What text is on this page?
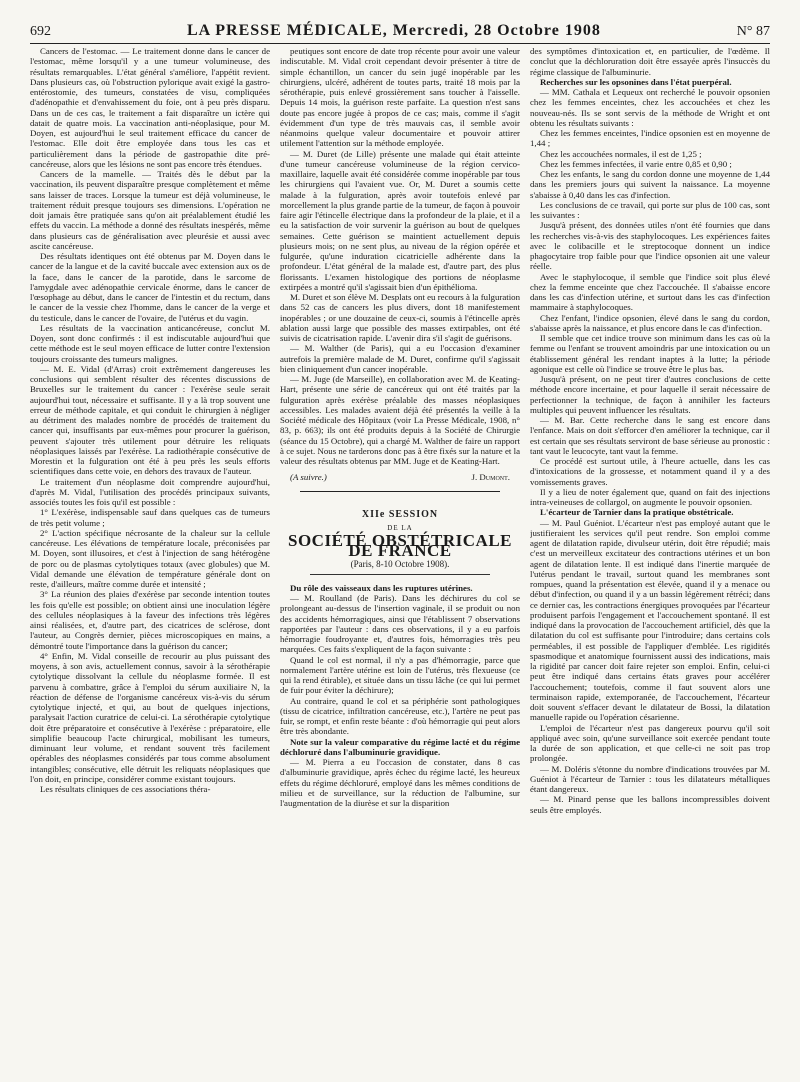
692	LA PRESSE MÉDICALE, Mercredi, 28 Octobre 1908	N° 87

Cancers de l'estomac. — Le traitement donne dans le cancer de l'estomac, même lorsqu'il y a une tumeur volumineuse, des résultats remarquables. L'état général s'améliore, l'appétit revient. Dans plusieurs cas, où l'obstruction pylorique avait exigé la gastro-entérostomie, des tumeurs, constatées de visu, compliquées d'adénopathie et d'envahissement du foie, ont à peu près disparu. Dans un de ces cas, le traitement a fait disparaître un ictère qui datait de quatre mois. La vaccination anti-néoplasique, pour M. Doyen, est aujourd'hui le seul traitement efficace du cancer de l'estomac. Elle doit être employée dans tous les cas et particulièrement dans la période de gastropathie dite pré-cancéreuse, alors que les lésions ne sont pas encore très étendues.

Cancers de la mamelle. — Traités dès le début par la vaccination, ils peuvent disparaître presque complètement et même sans laisser de traces. Lorsque la tumeur est déjà volumineuse, le traitement réduit presque toujours ses dimensions. L'opération ne doit jamais être pratiquée sans qu'on ait préalablement étudié les effets du vaccin. La méthode a donné des résultats inespérés, même dans plusieurs cas de généralisation avec pleurésie et aussi avec ascite cancéreuse.

Des résultats identiques ont été obtenus par M. Doyen dans le cancer de la langue et de la cavité buccale avec extension aux os de la face, dans le cancer de la parotide, dans le sarcome de l'amygdale avec adénopathie cervicale énorme, dans le cancer de l'œsophage au début, dans le cancer de l'intestin et du rectum, dans le cancer de la vessie chez l'homme, dans le cancer de la verge et du testicule, dans le cancer de l'ovaire, de l'utérus et du vagin.

Les résultats de la vaccination anticancéreuse, conclut M. Doyen, sont donc confirmés : il est indiscutable aujourd'hui que cette méthode est le seul moyen efficace de lutter contre l'extension toujours croissante des tumeurs malignes.

— M. E. Vidal (d'Arras) croit extrêmement dangereuses les conclusions qui semblent résulter des récentes discussions de Bruxelles sur le traitement du cancer : l'exérèse seule serait aujourd'hui tout, nécessaire et suffisante. Il y a là trop souvent une erreur de méthode capitale, et qui conduit le chirurgien à négliger au détriment des malades nombre de procédés de traitement du cancer qui, insuffisants par eux-mêmes pour procurer la guérison, peuvent s'ajouter très utilement pour détruire les reliquats néoplasiques laissés par l'exérèse. La radiothérapie consécutive de Morestin et la fulguration ont été à peu près les seuls efforts scientifiques dans cette voie, en dehors des travaux de l'auteur.

Le traitement d'un néoplasme doit comprendre aujourd'hui, d'après M. Vidal, l'utilisation des procédés principaux suivants, associés toutes les fois qu'il est possible :

1° L'exérèse, indispensable sauf dans quelques cas de tumeurs de très petit volume ;

2° L'action spécifique nécrosante de la chaleur sur la cellule cancéreuse. Les élévations de température locale, préconisées par M. Doyen, sont illusoires, et c'est à l'injection de sang hétérogène de porc ou de plasmas cytolytiques totaux (avec globules) que M. Vidal demande une élévation de température générale dont on reste, d'ailleurs, maître comme durée et intensité ;

3° La réunion des plaies d'exérèse par seconde intention toutes les fois qu'elle est possible; on obtient ainsi une inoculation légère des cellules néoplasiques à la faveur des infections très légères ainsi réalisées, et, d'autre part, des cicatrices de sclérose, dont l'auteur, au Congrès dernier, pièces microscopiques en mains, a démontré toute l'importance dans la guérison du cancer;

4° Enfin, M. Vidal conseille de recourir au plus puissant des moyens, à son avis, actuellement connus, savoir à la sérothérapie cytolytique dissolvant la cellule du néoplasme formée. Il est parvenu à combattre, grâce à l'emploi du sérum auxiliaire N, la réaction de défense de l'organisme cancéreux vis-à-vis du sérum cytolytique injecté, et qui, au bout de quelques injections, paralysait l'action curatrice de celui-ci. La sérothérapie cytolytique doit être préparatoire et consécutive à l'exérèse : préparatoire, elle simplifie beaucoup l'acte chirurgical, mobilisant les tumeurs, diminuant leur volume, et rendant souvent très facilement opérables des néoplasmes considérés par tous comme absolument intangibles; consécutive, elle détruit les reliquats néoplasiques que l'on doit, en principe, considérer comme existant toujours.

Les résultats cliniques de ces associations théra-

peutiques sont encore de date trop récente pour avoir une valeur indiscutable. M. Vidal croit cependant devoir présenter à titre de simple échantillon, un cancer du sein jugé inopérable par les chirurgiens, ulcéré, adhérent de toutes parts, traité 18 mois par la sérothérapie, puis enlevé grossièrement sans toucher à l'aisselle. Depuis 14 mois, la guérison reste parfaite. La question n'est sans doute pas encore jugée à propos de ce cas; mais, comme il s'agit évidemment d'un type de très mauvais cas, il semble avoir néanmoins quelque valeur documentaire et pouvoir attirer utilement l'attention sur la méthode employée.

— M. Duret (de Lille) présente une malade qui était atteinte d'une tumeur cancéreuse volumineuse de la région cervico-maxillaire, laquelle avait été considérée comme inopérable par tous les chirurgiens qui l'avaient vue. Or, M. Duret a soumis cette malade à la fulguration, après avoir toutefois enlevé par morcellement la plus grande partie de la tumeur, de façon à pouvoir faire agir l'étincelle électrique dans la profondeur de la plaie, et il a eu la satisfaction de voir survenir la guérison au bout de quelques semaines. Cette guérison se maintient actuellement depuis plusieurs mois; on ne sent plus, au niveau de la région opérée et fulgurée, qu'une induration cicatricielle adhérente dans la profondeur. L'état général de la malade est, d'autre part, des plus florissants. L'examen histologique des portions de néoplasme extirpées a montré qu'il s'agissait bien d'un épithélioma.

M. Duret et son élève M. Desplats ont eu recours à la fulguration dans 52 cas de cancers les plus divers, dont 18 manifestement inopérables ; or une douzaine de ceux-ci, soumis à l'étincelle après ablation aussi large que possible des masses extirpables, ont été suivis de cicatrisation rapide. L'avenir dira s'il s'agit de guérisons.

— M. Walther (de Paris), qui a eu l'occasion d'examiner autrefois la première malade de M. Duret, confirme qu'il s'agissait bien cliniquement d'un cancer inopérable.

— M. Juge (de Marseille), en collaboration avec M. de Keating-Hart, présente une série de cancéreux qui ont été traités par la fulguration après exérèse préalable des masses néoplasiques accessibles. Les malades avaient déjà été présentés la veille à la Société médicale des Hôpitaux (voir La Presse Médicale, 1908, n° 83, p. 663); ils ont été produits depuis à la Société de Chirurgie (séance du 15 Octobre), qui a chargé M. Walther de faire un rapport à ce sujet. Nous ne tarderons donc pas à être fixés sur la nature et la valeur des résultats obtenus par MM. Juge et de Keating-Hart.

(A suivre.)	J. Dumont.
XIIe SESSION
DE LA
SOCIÉTÉ OBSTÉTRICALE DE FRANCE
(Paris, 8-10 Octobre 1908).

Du rôle des vaisseaux dans les ruptures utérines.

— M. Roulland (de Paris). Dans les déchirures du col se prolongeant au-dessus de l'insertion vaginale, il se produit ou non des accidents hémorragiques, ainsi que l'établissent 7 observations rapportées par l'auteur : dans ces observations, il y a eu parfois hémorragie foudroyante et, d'autres fois, hémorragies très peu marquées. Ces faits s'expliquent de la façon suivante :

Quand le col est normal, il n'y a pas d'hémorragie, parce que normalement l'artère utérine est loin de l'utérus, très flexueuse (ce qui la rend étirable), et située dans un tissu lâche (ce qui lui permet de fuir pour éviter la déchirure);

Au contraire, quand le col et sa périphérie sont pathologiques (tissu de cicatrice, infiltration cancéreuse, etc.), l'artère ne peut pas fuir, se rompt, et enfin reste béante : d'où hémorragie qui peut alors être très abondante.

Note sur la valeur comparative du régime lacté et du régime déchloruré dans l'albuminurie gravidique.

— M. Pierra a eu l'occasion de constater, dans 8 cas d'albuminurie gravidique, après échec du régime lacté, les heureux effets du régime déchloruré, employé dans les mêmes conditions de milieu et de surveillance, sur la réduction de l'albumine, sur l'augmentation de la diurèse et sur la disparition

des symptômes d'intoxication et, en particulier, de l'œdème. Il conclut que la déchloruration doit être essayée après l'insuccès du régime classique de l'albuminurie.

Recherches sur les opsonines dans l'état puerpéral.

— MM. Cathala et Lequeux ont recherché le pouvoir opsonien chez les femmes enceintes, chez les accouchées et chez les nouveau-nés. Ils se sont servis de la méthode de Wright et ont obtenu les résultats suivants :

Chez les femmes enceintes, l'indice opsonien est en moyenne de 1,44 ;

Chez les accouchées normales, il est de 1,25 ;

Chez les femmes infectées, il varie entre 0,85 et 0,90 ;

Chez les enfants, le sang du cordon donne une moyenne de 1,44 dans les premiers jours qui suivent la naissance. La moyenne s'abaisse à 0,40 dans les cas d'infection.

Les conclusions de ce travail, qui porte sur plus de 100 cas, sont les suivantes :

Jusqu'à présent, des données utiles n'ont été fournies que dans les recherches vis-à-vis des staphylocoques. Les expériences faites avec le colibacille et le streptocoque donnent un indice phagocytaire trop faible pour que l'indice opsonien ait une valeur réelle.

Avec le staphylocoque, il semble que l'indice soit plus élevé chez la femme enceinte que chez l'accouchée. Il s'abaisse encore dans les cas d'infection utérine, et surtout dans les cas d'infection mammaire à staphylocoques.

Chez l'enfant, l'indice opsonien, élevé dans le sang du cordon, s'abaisse après la naissance, et plus encore dans le cas d'infection.

Il semble que cet indice trouve son minimum dans les cas où la femme ou l'enfant se trouvent amoindris par une intoxication ou un établissement général les rendant inaptes à la lutte; la période agonique est celle où l'indice se trouve être le plus bas.

Jusqu'à présent, on ne peut tirer d'autres conclusions de cette méthode encore incertaine, et pour laquelle il serait nécessaire de perfectionner la technique, de façon à annihiler les facteurs multiples qui peuvent influencer les résultats.

— M. Bar. Cette recherche dans le sang est encore dans l'enfance. Mais on doit s'efforcer d'en améliorer la technique, car il est certain que ses résultats serviront de base sérieuse au pronostic : tant vaut le leucocyte, tant vaut la femme.

Ce procédé est surtout utile, à l'heure actuelle, dans les cas d'intoxications de la grossesse, et notamment quand il y a des vomissements graves.

Il y a lieu de noter également que, quand on fait des injections intra-veineuses de collargol, on augmente le pouvoir opsonien.

L'écarteur de Tarnier dans la pratique obstétricale.

— M. Paul Guéniot. L'écarteur n'est pas employé autant que le justifieraient les services qu'il peut rendre. Son emploi comme agent de dilatation rapide, divulseur utérin, doit être répudié; mais c'est un merveilleux excitateur des contractions utérines et un bon agent de dilatation lente. Il est indiqué dans l'inertie marquée de l'utérus pendant le travail, surtout quand les membranes sont rompues, quand la présentation est élevée, quand il y a menace ou début d'infection, ou quand il y a un bassin légèrement rétréci; dans ce dernier cas, les contractions énergiques provoquées par l'écarteur produisent parfois l'engagement et l'accouchement spontané. Il est indiqué dans la provocation de l'accouchement artificiel, dès que la dilatation du col est suffisante pour l'introduire; dans certains cols perméables, il est possible de l'appliquer d'emblée. Les rigidités spasmodique et anatomique fournissent aussi des indications, mais la rigidité par cancer doit faire rejeter son emploi. Enfin, celui-ci peut être indiqué dans certains états graves pour accélérer l'accouchement; toutefois, comme il faut souvent alors une terminaison rapide, extemporanée, de l'accouchement, l'écarteur doit souvent s'effacer devant le dilatateur de Bossi, la dilatation manuelle rapide ou l'opération césarienne.

L'emploi de l'écarteur n'est pas dangereux pourvu qu'il soit appliqué avec soin, qu'une surveillance soit exercée pendant toute la durée de son application, et que celle-ci ne soit pas trop prolongée.

— M. Doléris s'étonne du nombre d'indications trouvées par M. Guéniot à l'écarteur de Tarnier : tous les dilatateurs métalliques étant dangereux.

— M. Pinard pense que les ballons incompressibles doivent seuls être employés.
